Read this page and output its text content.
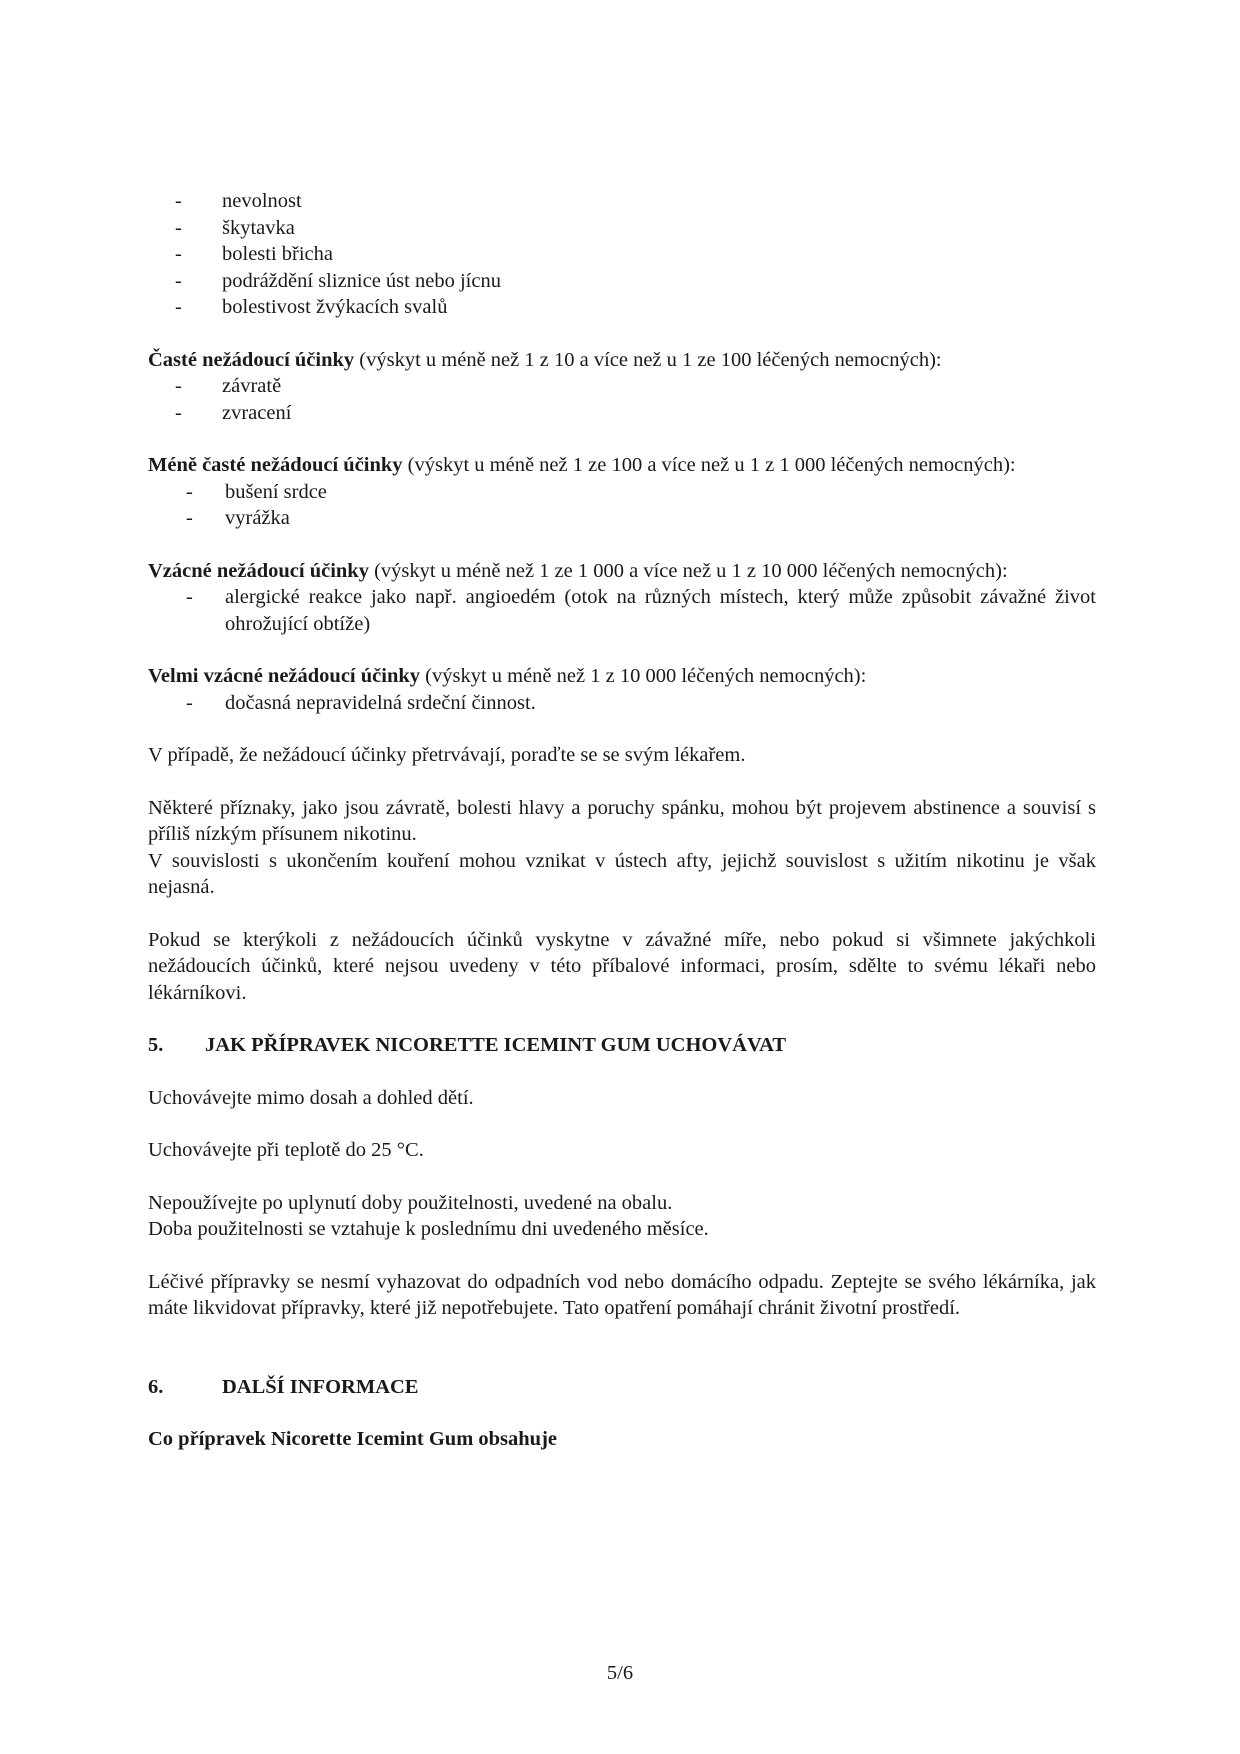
- nevolnost
- škytavka
- bolesti břicha
- podráždění sliznice úst nebo jícnu
- bolestivost žvýkacích svalů
Časté nežádoucí účinky (výskyt u méně než 1 z 10 a více než u 1 ze 100 léčených nemocných):
- závratě
- zvracení
Méně časté nežádoucí účinky (výskyt u méně než 1 ze 100 a více než u 1 z 1 000 léčených nemocných):
- bušení srdce
- vyrážka
Vzácné nežádoucí účinky (výskyt u méně než 1 ze 1 000 a více než u 1 z 10 000 léčených nemocných):
- alergické reakce jako např. angioedém (otok na různých místech, který může způsobit závažné život ohrožující obtíže)
Velmi vzácné nežádoucí účinky (výskyt u méně než 1 z 10 000 léčených nemocných):
- dočasná nepravidelná srdeční činnost.
V případě, že nežádoucí účinky přetrvávají, poraďte se se svým lékařem.
Některé příznaky, jako jsou závratě, bolesti hlavy a poruchy spánku, mohou být projevem abstinence a souvisí s příliš nízkým přísunem nikotinu.
V souvislosti s ukončením kouření mohou vznikat v ústech afty, jejichž souvislost s užitím nikotinu je však nejasná.
Pokud se kterýkoli z nežádoucích účinků vyskytne v závažné míře, nebo pokud si všimnete jakýchkoli nežádoucích účinků, které nejsou uvedeny v této příbalové informaci, prosím, sdělte to svému lékaři nebo lékárníkovi.
5. JAK PŘÍPRAVEK NICORETTE ICEMINT GUM UCHOVÁVAT
Uchovávejte mimo dosah a dohled dětí.
Uchovávejte při teplotě do 25 °C.
Nepoužívejte po uplynutí doby použitelnosti, uvedené na obalu.
Doba použitelnosti se vztahuje k poslednímu dni uvedeného měsíce.
Léčivé přípravky se nesmí vyhazovat do odpadních vod nebo domácího odpadu. Zeptejte se svého lékárníka, jak máte likvidovat přípravky, které již nepotřebujete. Tato opatření pomáhají chránit životní prostředí.
6.	DALŠÍ INFORMACE
Co přípravek Nicorette Icemint Gum obsahuje
5/6
